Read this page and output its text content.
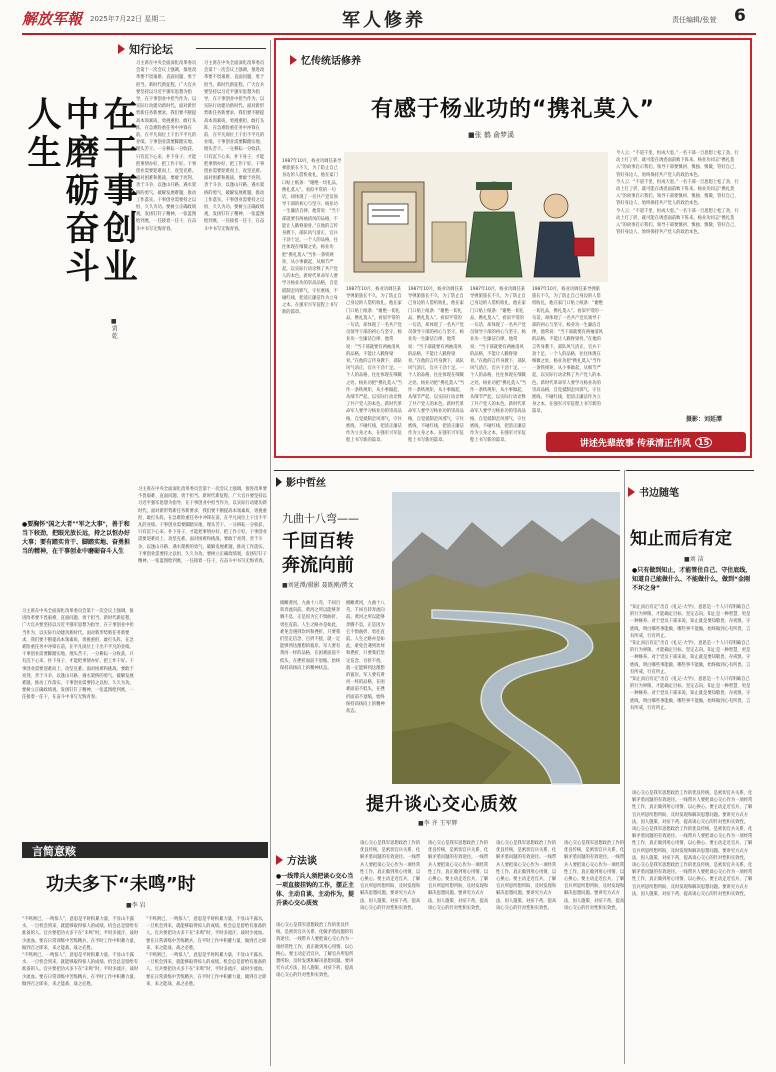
解放军報 2025年7月22日 星期二	军人修养	责任编辑/张萱 6
知行论坛
在干事创业中磨砺奋斗人生
■贾 乾

习主席在中央全面深化改革委员会第十一次会议上强调，推进改革要不畏艰难、直面问题、勇于担当。新时代新征程，广大官兵要坚持以习近平强军思想为指导，在干事创业中担当作为，以实际行动建功新时代。面对新形势新任务新要求，我们要不断提高本领素质，勇挑重担、敢打头阵，在急难险重任务中冲锋在前，在平凡岗位上干出不平凡的业绩。干事创业需要脚踏实地、埋头苦干。一分耕耘一分收获，只有沉下心来、扑下身子，才能把事情办好、把工作干好。干事创业需要迎难而上、攻坚克难。面对困难和挑战，要敢于亮剑、善于斗争，以逢山开路、遇水架桥的勇气，破解发展难题，推动工作落实。干事创业需要持之以恒、久久为功。要树立正确政绩观，发扬钉钉子精神，一张蓝图绘到底，一任接着一任干，在奋斗中书写无悔青春。

习主席在中央全面深化改革委员会第十一次会议上强调，推进改革要不畏艰难、直面问题、勇于担当。新时代新征程，广大官兵要坚持以习近平强军思想为指导，在干事创业中担当作为，以实际行动建功新时代。面对新形势新任务新要求，我们要不断提高本领素质，勇挑重担、敢打头阵，在急难险重任务中冲锋在前，在平凡岗位上干出不平凡的业绩。干事创业需要脚踏实地、埋头苦干。一分耕耘一分收获，只有沉下心来、扑下身子，才能把事情办好、把工作干好。干事创业需要迎难而上、攻坚克难。面对困难和挑战，要敢于亮剑、善于斗争，以逢山开路、遇水架桥的勇气，破解发展难题，推动工作落实。干事创业需要持之以恒、久久为功。要树立正确政绩观，发扬钉钉子精神，一张蓝图绘到底，一任接着一任干，在奋斗中书写无悔青春。

●要胸怀"国之大者""军之大事"，善于和当下较劲，把眼光放长远，持之以恒办好大事；要有踏实肯干、脚踏实地、奋勇担当的精神，在干事创业中磨砺奋斗人生

习主席在中央全面深化改革委员会第十一次会议上强调，推进改革要不畏艰难、直面问题、勇于担当。新时代新征程，广大官兵要坚持以习近平强军思想为指导，在干事创业中担当作为，以实际行动建功新时代。面对新形势新任务新要求，我们要不断提高本领素质，勇挑重担、敢打头阵，在急难险重任务中冲锋在前，在平凡岗位上干出不平凡的业绩。干事创业需要脚踏实地、埋头苦干。一分耕耘一分收获，只有沉下心来、扑下身子，才能把事情办好、把工作干好。干事创业需要迎难而上、攻坚克难。面对困难和挑战，要敢于亮剑、善于斗争，以逢山开路、遇水架桥的勇气，破解发展难题，推动工作落实。干事创业需要持之以恒、久久为功。要树立正确政绩观，发扬钉钉子精神，一张蓝图绘到底，一任接着一任干，在奋斗中书写无悔青春。

习主席在中央全面深化改革委员会第十一次会议上强调，推进改革要不畏艰难、直面问题、勇于担当。新时代新征程，广大官兵要坚持以习近平强军思想为指导，在干事创业中担当作为，以实际行动建功新时代。面对新形势新任务新要求，我们要不断提高本领素质，勇挑重担、敢打头阵，在急难险重任务中冲锋在前，在平凡岗位上干出不平凡的业绩。干事创业需要脚踏实地、埋头苦干。一分耕耘一分收获，只有沉下心来、扑下身子，才能把事情办好、把工作干好。干事创业需要迎难而上、攻坚克难。面对困难和挑战，要敢于亮剑、善于斗争，以逢山开路、遇水架桥的勇气，破解发展难题，推动工作落实。干事创业需要持之以恒、久久为功。要树立正确政绩观，发扬钉钉子精神，一张蓝图绘到底，一任接着一任干，在奋斗中书写无悔青春。

忆传统话修养
有感于杨业功的“携礼莫入”
■张 鹤 俞梦溪

1987年10月，杨业功调任某导弹旅旅长不久，为了防止自己身边的人借机收礼，他在家门口贴上纸条：“谢绝一切礼品，携礼莫入”。看似平常的一句话，却体现了一名共产党员领导干部的初心与坚守。杨业功一生廉洁自律，他常说：“当干部就要有两袖清风的品格，不能让人戳脊梁骨。”在他的言传身教下，部队风气清正，官兵干劲十足。一个人的品格，往往体现在细微之处。杨业功把“携礼莫入”当作一条铁规矩，从小事做起、从细节严起，以实际行动诠释了共产党人的本色。新时代革命军人要学习杨业功的崇高品格，自觉抵制歪风邪气，守住底线、不碰红线，把清正廉洁作为立身之本，在强军兴军征程上书写新的篇章。

1987年10月，杨业功调任某导弹旅旅长不久，为了防止自己身边的人借机收礼，他在家门口贴上纸条：“谢绝一切礼品，携礼莫入”。看似平常的一句话，却体现了一名共产党员领导干部的初心与坚守。杨业功一生廉洁自律，他常说：“当干部就要有两袖清风的品格，不能让人戳脊梁骨。”在他的言传身教下，部队风气清正，官兵干劲十足。一个人的品格，往往体现在细微之处。杨业功把“携礼莫入”当作一条铁规矩，从小事做起、从细节严起，以实际行动诠释了共产党人的本色。新时代革命军人要学习杨业功的崇高品格，自觉抵制歪风邪气，守住底线、不碰红线，把清正廉洁作为立身之本，在强军兴军征程上书写新的篇章。

1987年10月，杨业功调任某导弹旅旅长不久，为了防止自己身边的人借机收礼，他在家门口贴上纸条：“谢绝一切礼品，携礼莫入”。看似平常的一句话，却体现了一名共产党员领导干部的初心与坚守。杨业功一生廉洁自律，他常说：“当干部就要有两袖清风的品格，不能让人戳脊梁骨。”在他的言传身教下，部队风气清正，官兵干劲十足。一个人的品格，往往体现在细微之处。杨业功把“携礼莫入”当作一条铁规矩，从小事做起、从细节严起，以实际行动诠释了共产党人的本色。新时代革命军人要学习杨业功的崇高品格，自觉抵制歪风邪气，守住底线、不碰红线，把清正廉洁作为立身之本，在强军兴军征程上书写新的篇章。

1987年10月，杨业功调任某导弹旅旅长不久，为了防止自己身边的人借机收礼，他在家门口贴上纸条：“谢绝一切礼品，携礼莫入”。看似平常的一句话，却体现了一名共产党员领导干部的初心与坚守。杨业功一生廉洁自律，他常说：“当干部就要有两袖清风的品格，不能让人戳脊梁骨。”在他的言传身教下，部队风气清正，官兵干劲十足。一个人的品格，往往体现在细微之处。杨业功把“携礼莫入”当作一条铁规矩，从小事做起、从细节严起，以实际行动诠释了共产党人的本色。新时代革命军人要学习杨业功的崇高品格，自觉抵制歪风邪气，守住底线、不碰红线，把清正廉洁作为立身之本，在强军兴军征程上书写新的篇章。

1987年10月，杨业功调任某导弹旅旅长不久，为了防止自己身边的人借机收礼，他在家门口贴上纸条：“谢绝一切礼品，携礼莫入”。看似平常的一句话，却体现了一名共产党员领导干部的初心与坚守。杨业功一生廉洁自律，他常说：“当干部就要有两袖清风的品格，不能让人戳脊梁骨。”在他的言传身教下，部队风气清正，官兵干劲十足。一个人的品格，往往体现在细微之处。杨业功把“携礼莫入”当作一条铁规矩，从小事做起、从细节严起，以实际行动诠释了共产党人的本色。新时代革命军人要学习杨业功的崇高品格，自觉抵制歪风邪气，守住底线、不碰红线，把清正廉洁作为立身之本，在强军兴军征程上书写新的篇章。

今人云：“不道千里，恒成大患。”一名干部一旦思想上松了劲、行动上打了折，就可能在诱惑面前败下阵来。杨业功同志“携礼莫入”的故事启示我们，领导干部要慎初、慎独、慎微，管好自己、管好身边人，始终保持共产党人的政治本色。

今人云：“不道千里，恒成大患。”一名干部一旦思想上松了劲、行动上打了折，就可能在诱惑面前败下阵来。杨业功同志“携礼莫入”的故事启示我们，领导干部要慎初、慎独、慎微，管好自己、管好身边人，始终保持共产党人的政治本色。

今人云：“不道千里，恒成大患。”一名干部一旦思想上松了劲、行动上打了折，就可能在诱惑面前败下阵来。杨业功同志“携礼莫入”的故事启示我们，领导干部要慎初、慎独、慎微，管好自己、管好身边人，始终保持共产党人的政治本色。

摄影：刘延潭
讲述先辈故事 传承清正作风 15
影中哲丝
九曲十八弯——
千回百转奔流向前
■刘延潭/摄影 聂既刚/撰文

俯瞰黄河，九曲十八弯，千回百转奔流向前。黄河之所以能够奔腾不息，正是因为它不惧曲折、勇往直前。人生之路亦是如此，难免会遇到坎坷和挫折，只要我们坚定信念、百折不挠，就一定能够到达理想的彼岸。军人要有黄河一样的品格，在困难面前不低头，在挫折面前不退缩，始终保持昂扬向上的精神状态。

俯瞰黄河，九曲十八弯，千回百转奔流向前。黄河之所以能够奔腾不息，正是因为它不惧曲折、勇往直前。人生之路亦是如此，难免会遇到坎坷和挫折，只要我们坚定信念、百折不挠，就一定能够到达理想的彼岸。军人要有黄河一样的品格，在困难面前不低头，在挫折面前不退缩，始终保持昂扬向上的精神状态。

书边随笔
知止而后有定
■刘 洁
●只有做到知止，才能管住自己、守住底线，知道自己能做什么、不能做什么，做到“金刚不坏之身”

“知止而后有定”出自《礼记·大学》，意思是一个人只有明确自己的行为界限，才能确定目标、坚定志向。知止是一种智慧，更是一种修养。对于党员干部来说，知止就是要知敬畏、存戒惧、守底线，明白哪些事能做、哪些事不能做，始终做到心有所畏、言有所戒、行有所止。

“知止而后有定”出自《礼记·大学》，意思是一个人只有明确自己的行为界限，才能确定目标、坚定志向。知止是一种智慧，更是一种修养。对于党员干部来说，知止就是要知敬畏、存戒惧、守底线，明白哪些事能做、哪些事不能做，始终做到心有所畏、言有所戒、行有所止。

“知止而后有定”出自《礼记·大学》，意思是一个人只有明确自己的行为界限，才能确定目标、坚定志向。知止是一种智慧，更是一种修养。对于党员干部来说，知止就是要知敬畏、存戒惧、守底线，明白哪些事能做、哪些事不能做，始终做到心有所畏、言有所戒、行有所止。

提升谈心交心质效
■李 齐 王军辉
方法谈
●一线带兵人须把谈心交心当一项直接挂钩的工作，摆正主体、主动自谈、主动作为，提升谈心交心质效

谈心交心是我军思想政治工作的优良传统，是密切官兵关系、化解矛盾问题的有效途径。一线带兵人要把谈心交心作为一项经常性工作，真正做到用心用情、以心换心。要主动走近官兵，了解官兵所思所想所盼，及时发现和解决思想问题。要讲究方式方法，因人施策、对症下药，提高谈心交心的针对性和实效性。

谈心交心是我军思想政治工作的优良传统，是密切官兵关系、化解矛盾问题的有效途径。一线带兵人要把谈心交心作为一项经常性工作，真正做到用心用情、以心换心。要主动走近官兵，了解官兵所思所想所盼，及时发现和解决思想问题。要讲究方式方法，因人施策、对症下药，提高谈心交心的针对性和实效性。

谈心交心是我军思想政治工作的优良传统，是密切官兵关系、化解矛盾问题的有效途径。一线带兵人要把谈心交心作为一项经常性工作，真正做到用心用情、以心换心。要主动走近官兵，了解官兵所思所想所盼，及时发现和解决思想问题。要讲究方式方法，因人施策、对症下药，提高谈心交心的针对性和实效性。

谈心交心是我军思想政治工作的优良传统，是密切官兵关系、化解矛盾问题的有效途径。一线带兵人要把谈心交心作为一项经常性工作，真正做到用心用情、以心换心。要主动走近官兵，了解官兵所思所想所盼，及时发现和解决思想问题。要讲究方式方法，因人施策、对症下药，提高谈心交心的针对性和实效性。

谈心交心是我军思想政治工作的优良传统，是密切官兵关系、化解矛盾问题的有效途径。一线带兵人要把谈心交心作为一项经常性工作，真正做到用心用情、以心换心。要主动走近官兵，了解官兵所思所想所盼，及时发现和解决思想问题。要讲究方式方法，因人施策、对症下药，提高谈心交心的针对性和实效性。

谈心交心是我军思想政治工作的优良传统，是密切官兵关系、化解矛盾问题的有效途径。一线带兵人要把谈心交心作为一项经常性工作，真正做到用心用情、以心换心。要主动走近官兵，了解官兵所思所想所盼，及时发现和解决思想问题。要讲究方式方法，因人施策、对症下药，提高谈心交心的针对性和实效性。

谈心交心是我军思想政治工作的优良传统，是密切官兵关系、化解矛盾问题的有效途径。一线带兵人要把谈心交心作为一项经常性工作，真正做到用心用情、以心换心。要主动走近官兵，了解官兵所思所想所盼，及时发现和解决思想问题。要讲究方式方法，因人施策、对症下药，提高谈心交心的针对性和实效性。

谈心交心是我军思想政治工作的优良传统，是密切官兵关系、化解矛盾问题的有效途径。一线带兵人要把谈心交心作为一项经常性工作，真正做到用心用情、以心换心。要主动走近官兵，了解官兵所思所想所盼，及时发现和解决思想问题。要讲究方式方法，因人施策、对症下药，提高谈心交心的针对性和实效性。

言简意赅
功夫多下“未鸣”时
■李 岩

“不鸣则已，一鸣惊人”，意思是平时积累力量，不显山不露水，一旦机会到来，就能够取得惊人的成绩。机会总是留给有准备的人。官兵要把功夫多下在“未鸣”时，平时多流汗，战时少流血。要在日常训练中苦练精兵，在平时工作中积蓄力量，做到召之即来、来之能战、战之必胜。

“不鸣则已，一鸣惊人”，意思是平时积累力量，不显山不露水，一旦机会到来，就能够取得惊人的成绩。机会总是留给有准备的人。官兵要把功夫多下在“未鸣”时，平时多流汗，战时少流血。要在日常训练中苦练精兵，在平时工作中积蓄力量，做到召之即来、来之能战、战之必胜。

“不鸣则已，一鸣惊人”，意思是平时积累力量，不显山不露水，一旦机会到来，就能够取得惊人的成绩。机会总是留给有准备的人。官兵要把功夫多下在“未鸣”时，平时多流汗，战时少流血。要在日常训练中苦练精兵，在平时工作中积蓄力量，做到召之即来、来之能战、战之必胜。

“不鸣则已，一鸣惊人”，意思是平时积累力量，不显山不露水，一旦机会到来，就能够取得惊人的成绩。机会总是留给有准备的人。官兵要把功夫多下在“未鸣”时，平时多流汗，战时少流血。要在日常训练中苦练精兵，在平时工作中积蓄力量，做到召之即来、来之能战、战之必胜。
